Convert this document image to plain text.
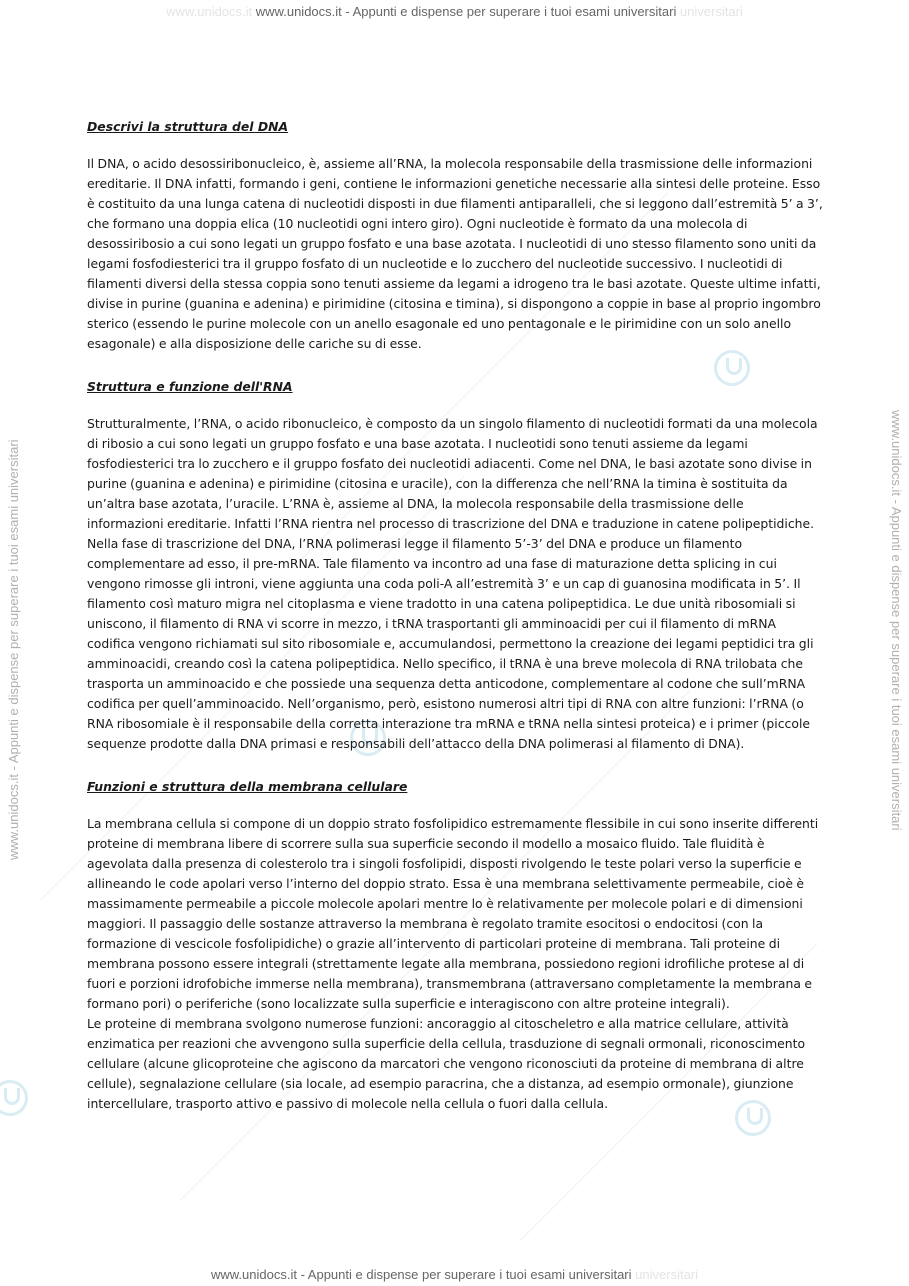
www.unidocs.it www.unidocs.it - Appunti e dispense per superare i tuoi esami universitari universitari
www.unidocs.it - Appunti e dispense per superare i tuoi esami universitari	www.unidocs.it - Appunti e dispense per superare i tuoi esami universitari

Descrivi la struttura del DNA

Il DNA, o acido desossiribonucleico, è, assieme all’RNA, la molecola responsabile della trasmissione delle informazioni ereditarie. Il DNA infatti, formando i geni, contiene le informazioni genetiche necessarie alla sintesi delle proteine. Esso è costituito da una lunga catena di nucleotidi disposti in due filamenti antiparalleli, che si leggono dall’estremità 5’ a 3’, che formano una doppia elica (10 nucleotidi ogni intero giro). Ogni nucleotide è formato da una molecola di desossiribosio a cui sono legati un gruppo fosfato e una base azotata. I nucleotidi di uno stesso filamento sono uniti da legami fosfodiesterici tra il gruppo fosfato di un nucleotide e lo zucchero del nucleotide successivo. I nucleotidi di filamenti diversi della stessa coppia sono tenuti assieme da legami a idrogeno tra le basi azotate. Queste ultime infatti, divise in purine (guanina e adenina) e pirimidine (citosina e timina), si dispongono a coppie in base al proprio ingombro sterico (essendo le purine molecole con un anello esagonale ed uno pentagonale e le pirimidine con un solo anello esagonale) e alla disposizione delle cariche su di esse.

Struttura e funzione dell'RNA

Strutturalmente, l’RNA, o acido ribonucleico, è composto da un singolo filamento di nucleotidi formati da una molecola di ribosio a cui sono legati un gruppo fosfato e una base azotata. I nucleotidi sono tenuti assieme da legami fosfodiesterici tra lo zucchero e il gruppo fosfato dei nucleotidi adiacenti. Come nel DNA, le basi azotate sono divise in purine (guanina e adenina) e pirimidine (citosina e uracile), con la differenza che nell’RNA la timina è sostituita da un’altra base azotata, l’uracile. L’RNA è, assieme al DNA, la molecola responsabile della trasmissione delle informazioni ereditarie. Infatti l’RNA rientra nel processo di trascrizione del DNA e traduzione in catene polipeptidiche. Nella fase di trascrizione del DNA, l’RNA polimerasi legge il filamento 5’-3’ del DNA e produce un filamento complementare ad esso, il pre-mRNA. Tale filamento va incontro ad una fase di maturazione detta splicing in cui vengono rimosse gli introni, viene aggiunta una coda poli-A all’estremità 3’ e un cap di guanosina modificata in 5’. Il filamento così maturo migra nel citoplasma e viene tradotto in una catena polipeptidica. Le due unità ribosomiali si uniscono, il filamento di RNA vi scorre in mezzo, i tRNA trasportanti gli amminoacidi per cui il filamento di mRNA codifica vengono richiamati sul sito ribosomiale e, accumulandosi, permettono la creazione dei legami peptidici tra gli amminoacidi, creando così la catena polipeptidica. Nello specifico, il tRNA è una breve molecola di RNA trilobata che trasporta un amminoacido e che possiede una sequenza detta anticodone, complementare al codone che sull’mRNA codifica per quell’amminoacido. Nell’organismo, però, esistono numerosi altri tipi di RNA con altre funzioni: l’rRNA (o RNA ribosomiale è il responsabile della corretta interazione tra mRNA e tRNA nella sintesi proteica) e i primer (piccole sequenze prodotte dalla DNA primasi e responsabili dell’attacco della DNA polimerasi al filamento di DNA).

Funzioni e struttura della membrana cellulare

La membrana cellula si compone di un doppio strato fosfolipidico estremamente flessibile in cui sono inserite differenti proteine di membrana libere di scorrere sulla sua superficie secondo il modello a mosaico fluido. Tale fluidità è agevolata dalla presenza di colesterolo tra i singoli fosfolipidi, disposti rivolgendo le teste polari verso la superficie e allineando le code apolari verso l’interno del doppio strato. Essa è una membrana selettivamente permeabile, cioè è massimamente permeabile a piccole molecole apolari mentre lo è relativamente per molecole polari e di dimensioni maggiori. Il passaggio delle sostanze attraverso la membrana è regolato tramite esocitosi o endocitosi (con la formazione di vescicole fosfolipidiche) o grazie all’intervento di particolari proteine di membrana. Tali proteine di membrana possono essere integrali (strettamente legate alla membrana, possiedono regioni idrofiliche protese al di fuori e porzioni idrofobiche immerse nella membrana), transmembrana (attraversano completamente la membrana e formano pori) o periferiche (sono localizzate sulla superficie e interagiscono con altre proteine integrali).

Le proteine di membrana svolgono numerose funzioni: ancoraggio al citoscheletro e alla matrice cellulare, attività enzimatica per reazioni che avvengono sulla superficie della cellula, trasduzione di segnali ormonali, riconoscimento cellulare (alcune glicoproteine che agiscono da marcatori che vengono riconosciuti da proteine di membrana di altre cellule), segnalazione cellulare (sia locale, ad esempio paracrina, che a distanza, ad esempio ormonale), giunzione intercellulare, trasporto attivo e passivo di molecole nella cellula o fuori dalla cellula.

www.unidocs.it - Appunti e dispense per superare i tuoi esami universitari universitari
